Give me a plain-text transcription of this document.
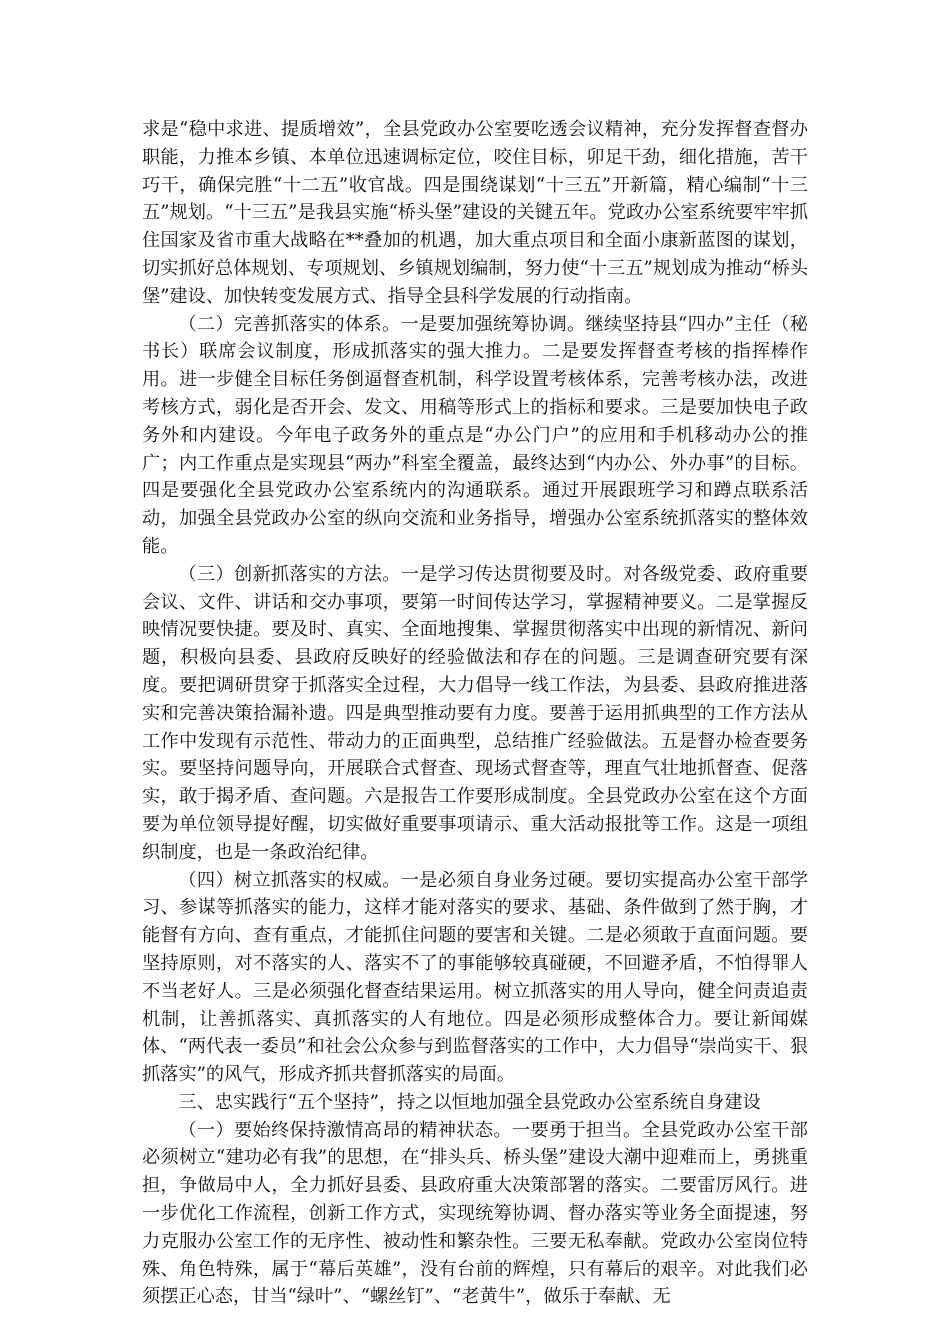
求是“稳中求进、提质增效”，全县党政办公室要吃透会议精神，充分发挥督查督办职能，力推本乡镇、本单位迅速调标定位，咬住目标，卯足干劲，细化措施，苦干巧干，确保完胜“十二五”收官战。四是围绕谋划“十三五”开新篇，精心编制“十三五”规划。“十三五”是我县实施“桥头堡”建设的关键五年。党政办公室系统要牢牢抓住国家及省市重大战略在**叠加的机遇，加大重点项目和全面小康新蓝图的谋划，切实抓好总体规划、专项规划、乡镇规划编制，努力使“十三五”规划成为推动“桥头堡”建设、加快转变发展方式、指导全县科学发展的行动指南。

（二）完善抓落实的体系。一是要加强统筹协调。继续坚持县“四办”主任（秘书长）联席会议制度，形成抓落实的强大推力。二是要发挥督查考核的指挥棒作用。进一步健全目标任务倒逼督查机制，科学设置考核体系，完善考核办法，改进考核方式，弱化是否开会、发文、用稿等形式上的指标和要求。三是要加快电子政务外和内建设。今年电子政务外的重点是“办公门户”的应用和手机移动办公的推广；内工作重点是实现县“两办”科室全覆盖，最终达到“内办公、外办事”的目标。四是要强化全县党政办公室系统内的沟通联系。通过开展跟班学习和蹲点联系活动，加强全县党政办公室的纵向交流和业务指导，增强办公室系统抓落实的整体效能。

（三）创新抓落实的方法。一是学习传达贯彻要及时。对各级党委、政府重要会议、文件、讲话和交办事项，要第一时间传达学习，掌握精神要义。二是掌握反映情况要快捷。要及时、真实、全面地搜集、掌握贯彻落实中出现的新情况、新问题，积极向县委、县政府反映好的经验做法和存在的问题。三是调查研究要有深度。要把调研贯穿于抓落实全过程，大力倡导一线工作法，为县委、县政府推进落实和完善决策拾漏补遗。四是典型推动要有力度。要善于运用抓典型的工作方法从工作中发现有示范性、带动力的正面典型，总结推广经验做法。五是督办检查要务实。要坚持问题导向，开展联合式督查、现场式督查等，理直气壮地抓督查、促落实，敢于揭矛盾、查问题。六是报告工作要形成制度。全县党政办公室在这个方面要为单位领导提好醒，切实做好重要事项请示、重大活动报批等工作。这是一项组织制度，也是一条政治纪律。

（四）树立抓落实的权威。一是必须自身业务过硬。要切实提高办公室干部学习、参谋等抓落实的能力，这样才能对落实的要求、基础、条件做到了然于胸，才能督有方向、查有重点，才能抓住问题的要害和关键。二是必须敢于直面问题。要坚持原则，对不落实的人、落实不了的事能够较真碰硬，不回避矛盾，不怕得罪人不当老好人。三是必须强化督查结果运用。树立抓落实的用人导向，健全问责追责机制，让善抓落实、真抓落实的人有地位。四是必须形成整体合力。要让新闻媒体、“两代表一委员”和社会公众参与到监督落实的工作中，大力倡导“崇尚实干、狠抓落实”的风气，形成齐抓共督抓落实的局面。

三、忠实践行“五个坚持”，持之以恒地加强全县党政办公室系统自身建设

（一）要始终保持激情高昂的精神状态。一要勇于担当。全县党政办公室干部必须树立“建功必有我”的思想，在“排头兵、桥头堡”建设大潮中迎难而上，勇挑重担，争做局中人，全力抓好县委、县政府重大决策部署的落实。二要雷厉风行。进一步优化工作流程，创新工作方式，实现统筹协调、督办落实等业务全面提速，努力克服办公室工作的无序性、被动性和繁杂性。三要无私奉献。党政办公室岗位特殊、角色特殊，属于“幕后英雄”，没有台前的辉煌，只有幕后的艰辛。对此我们必须摆正心态，甘当“绿叶”、“螺丝钉”、“老黄牛”，做乐于奉献、无
